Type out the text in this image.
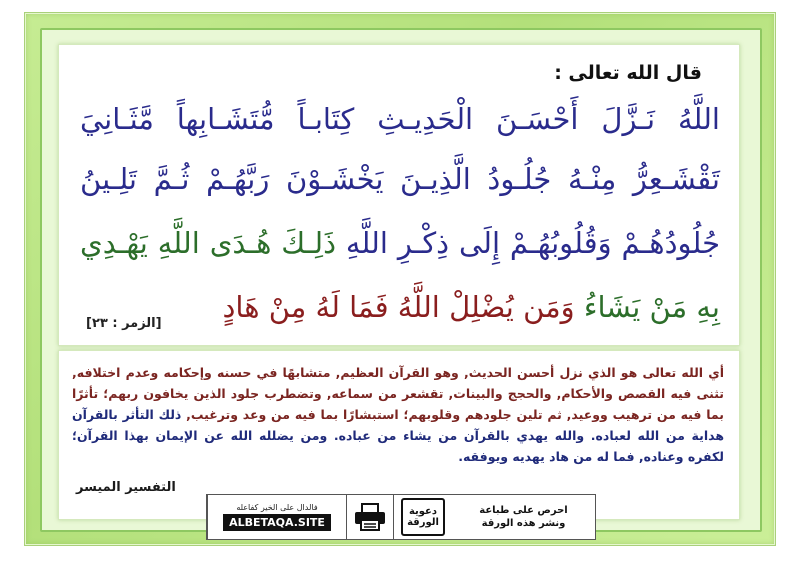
قال الله تعالى :
اللَّهُ نَـزَّلَ أَحْسَـنَ الْحَدِيـثِ كِتَابـاً مُّتَشَـابِهاً مَّثَـانِيَ
تَقْشَـعِرُّ مِنْـهُ جُلُـودُ الَّذِيـنَ يَخْشَـوْنَ رَبَّهُـمْ ثُـمَّ تَلِـينُ
جُلُودُهُـمْ وَقُلُوبُهُـمْ إِلَى ذِكْـرِ اللَّهِ ذَلِـكَ هُـدَى اللَّهِ يَهْـدِي
بِهِ مَنْ يَشَاءُ وَمَن يُضْلِلْ اللَّهُ فَمَا لَهُ مِنْ هَادٍ
[الزمر : ٢٣]
أي الله تعالى هو الذي نزل أحسن الحديث, وهو القرآن العظيم, متشابهًا في حسنه وإحكامه وعدم اختلافه, تثنى فيه القصص والأحكام, والحجج والبينات, تقشعر من سماعه, وتضطرب جلود الذين يخافون ربهم؛ تأثرًا بما فيه من ترهيب ووعيد, ثم تلين جلودهم وقلوبهم؛ استبشارًا بما فيه من وعد وترغيب, ذلك التأثر بالقرآن هداية من الله لعباده. والله يهدي بالقرآن من يشاء من عباده. ومن يضلله الله عن الإيمان بهذا القرآن؛ لكفره وعناده, فما له من هاد يهديه ويوفقه.
التفسير الميسر
فالدال على الخير كفاعله
ALBETAQA.SITE
دعوية الورقة
احرص على طباعة
ونشر هذه الورقة
